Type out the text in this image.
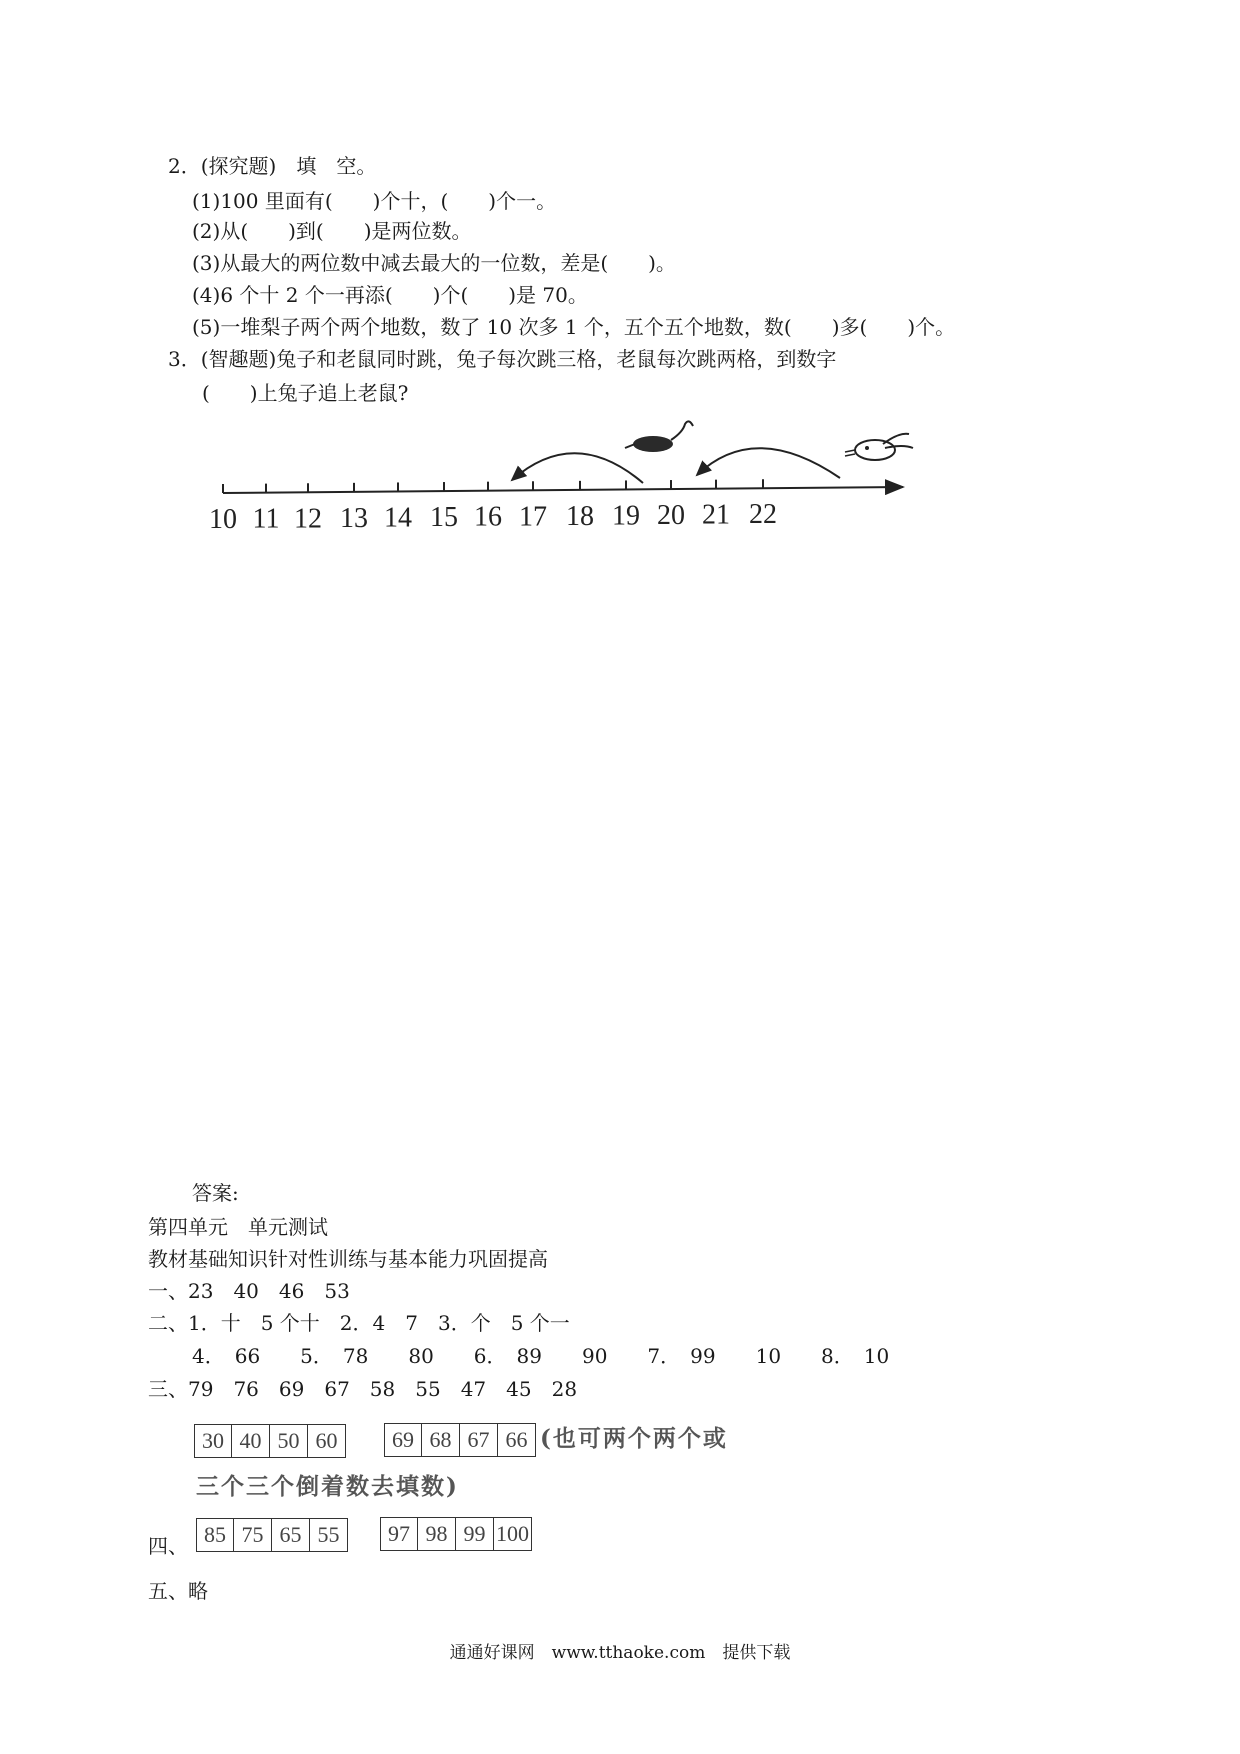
2．(探究题)　填　空。
(1)100 里面有(　　)个十，(　　)个一。
(2)从(　　)到(　　)是两位数。
(3)从最大的两位数中减去最大的一位数，差是(　　)。
(4)6 个十 2 个一再添(　　)个(　　)是 70。
(5)一堆梨子两个两个地数，数了 10 次多 1 个，五个五个地数，数(　　)多(　　)个。
3．(智趣题)兔子和老鼠同时跳，兔子每次跳三格，老鼠每次跳两格，到数字
(　　)上兔子追上老鼠?
10 11 12 13 14 15 16 17 18 19 20 21 22
答案:
第四单元　单元测试
教材基础知识针对性训练与基本能力巩固提高
一、23　40　46　53
二、1．十　5 个十　2．4　7　3．个　5 个一
4．　66　　5．　78　　80　　6．　89　　90　　7．　99　　10　　8．　10
三、79　76　69　67　58　55　47　45　28
30 40 50 60	69 68 67 66 (也可两个两个或
三个三个倒着数去填数)
四、 85 75 65 55	97 98 99 100
五、略
通通好课网　www.tthaoke.com　提供下载
